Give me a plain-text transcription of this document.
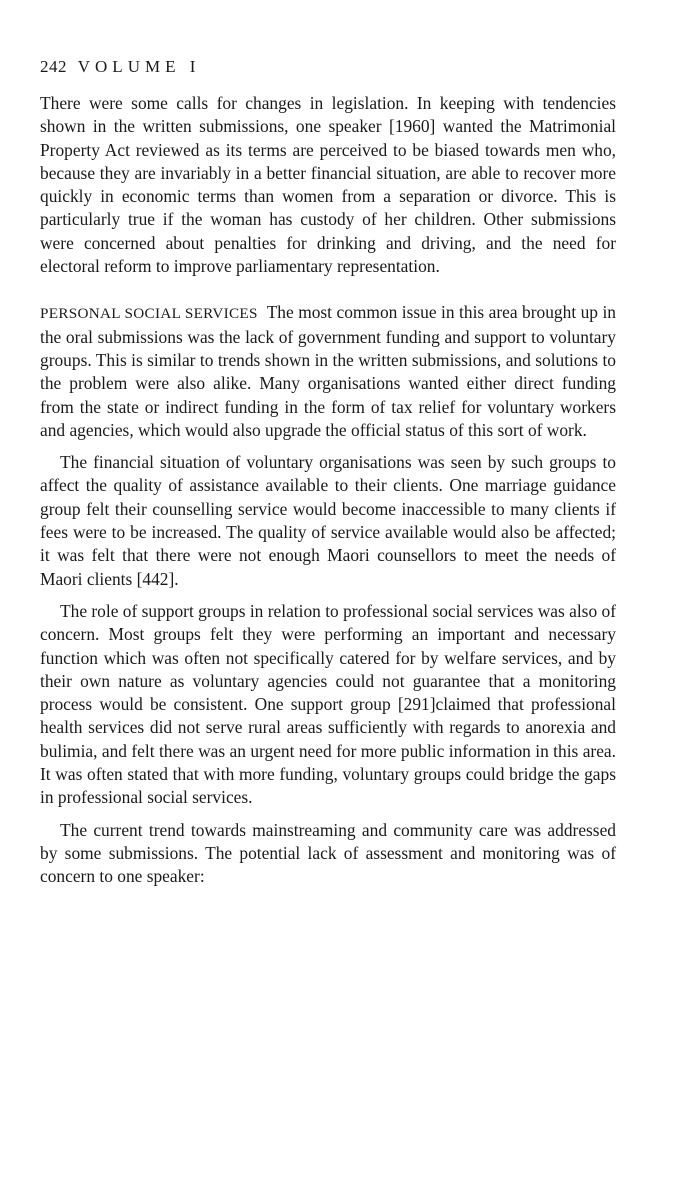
242 VOLUME I

There were some calls for changes in legislation. In keeping with tendencies shown in the written submissions, one speaker [1960] wanted the Matrimonial Property Act reviewed as its terms are perceived to be biased towards men who, because they are invariably in a better financial situation, are able to recover more quickly in economic terms than women from a separation or divorce. This is particularly true if the woman has custody of her children. Other submissions were concerned about penalties for drinking and driving, and the need for electoral reform to improve parliamentary representation.

PERSONAL SOCIAL SERVICES The most common issue in this area brought up in the oral submissions was the lack of government funding and support to voluntary groups. This is similar to trends shown in the written submissions, and solutions to the problem were also alike. Many organisations wanted either direct funding from the state or indirect funding in the form of tax relief for voluntary workers and agencies, which would also upgrade the official status of this sort of work.

The financial situation of voluntary organisations was seen by such groups to affect the quality of assistance available to their clients. One marriage guidance group felt their counselling service would become inaccessible to many clients if fees were to be increased. The quality of service available would also be affected; it was felt that there were not enough Maori counsellors to meet the needs of Maori clients [442].

The role of support groups in relation to professional social services was also of concern. Most groups felt they were performing an important and necessary function which was often not specifically catered for by welfare services, and by their own nature as voluntary agencies could not guarantee that a monitoring process would be consistent. One support group [291]claimed that professional health services did not serve rural areas sufficiently with regards to anorexia and bulimia, and felt there was an urgent need for more public information in this area. It was often stated that with more funding, voluntary groups could bridge the gaps in professional social services.

The current trend towards mainstreaming and community care was addressed by some submissions. The potential lack of assessment and monitoring was of concern to one speaker:
